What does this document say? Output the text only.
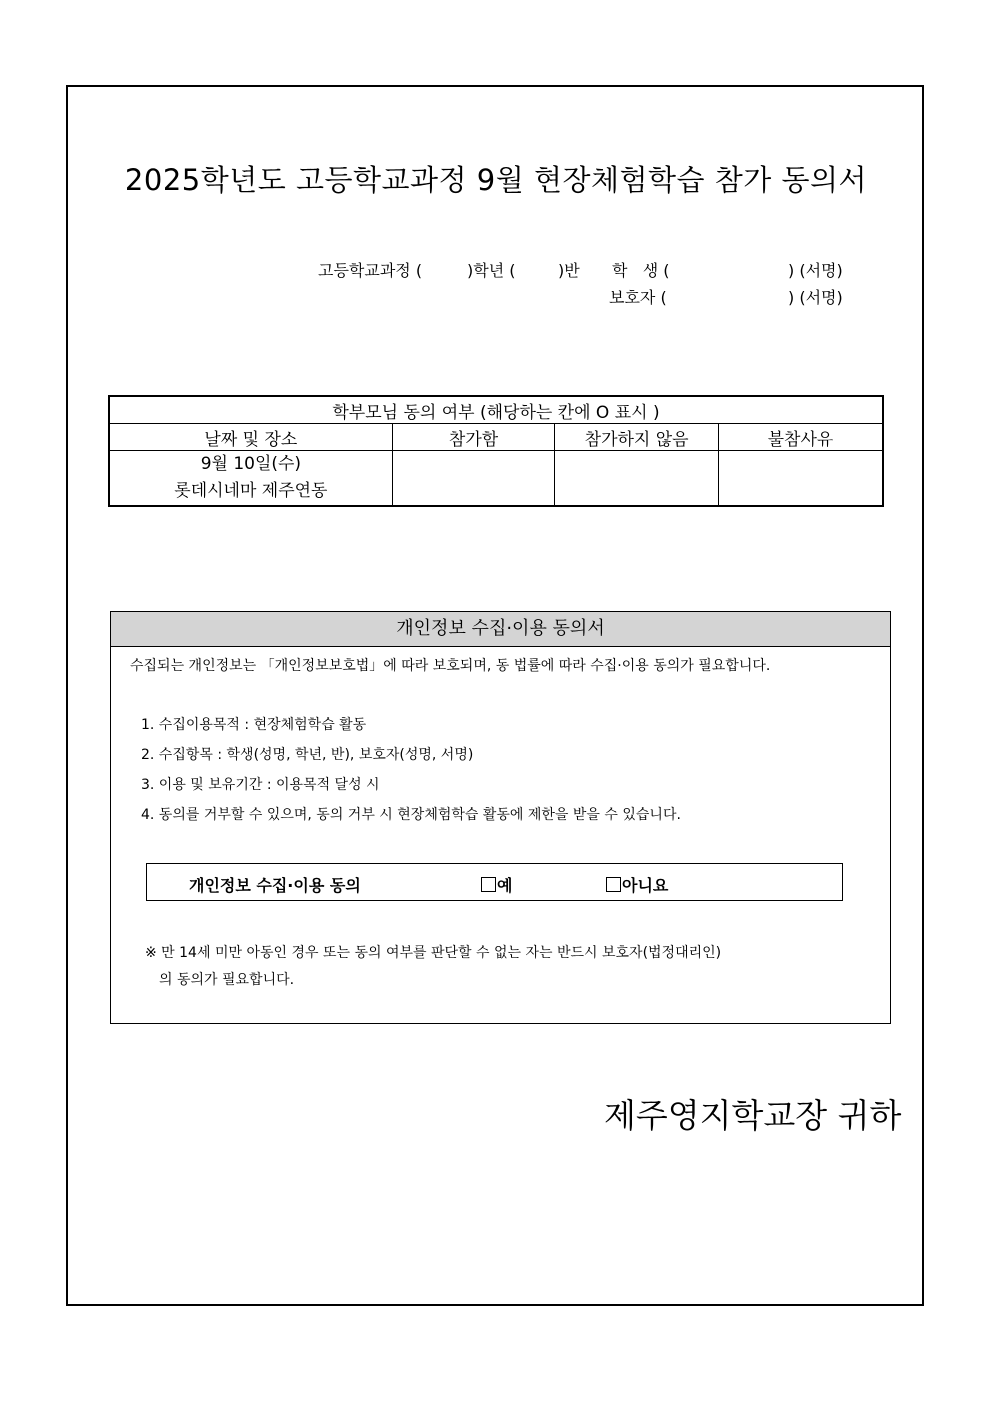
2025학년도 고등학교과정 9월 현장체험학습 참가 동의서
고등학교과정 (	)학년 (	)반 학   생 (	) (서명)
보호자 (	) (서명)
학부모님 동의 여부 (해당하는 칸에 O 표시 )			
날짜 및 장소	참가함	참가하지 않음	불참사유

9월 10일(수)
롯데시네마 제주연동			

개인정보 수집·이용 동의서
수집되는 개인정보는 「개인정보보호법」에 따라 보호되며, 동 법률에 따라 수집·이용 동의가 필요합니다.
1. 수집이용목적 : 현장체험학습 활동
2. 수집항목 : 학생(성명, 학년, 반), 보호자(성명, 서명)
3. 이용 및 보유기간 : 이용목적 달성 시
4. 동의를 거부할 수 있으며, 동의 거부 시 현장체험학습 활동에 제한을 받을 수 있습니다.
개인정보 수집·이용 동의	예	아니요
※ 만 14세 미만 아동인 경우 또는 동의 여부를 판단할 수 없는 자는 반드시 보호자(법정대리인)
의 동의가 필요합니다.
제주영지학교장 귀하
